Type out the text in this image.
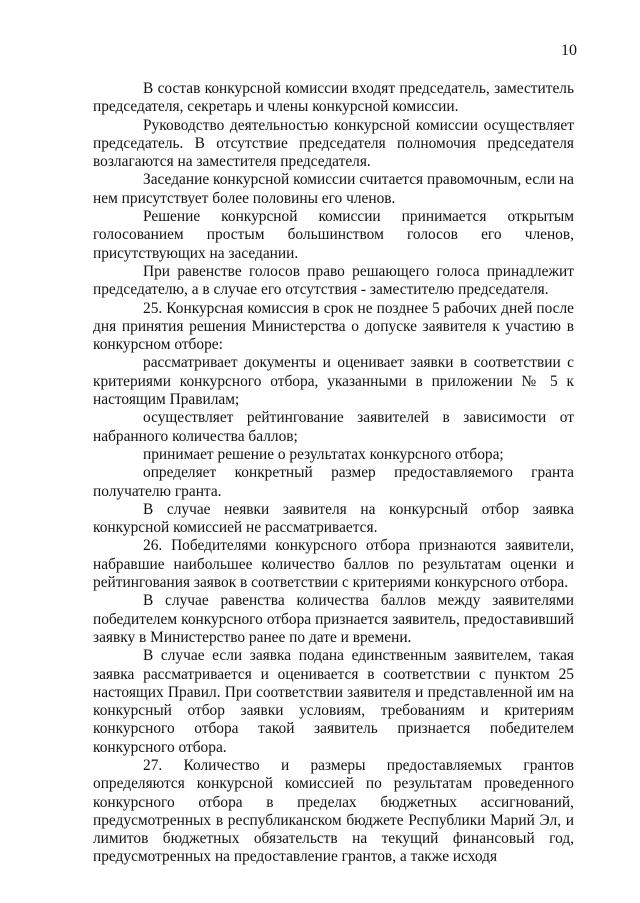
10

В состав конкурсной комиссии входят председатель, заместитель председателя, секретарь и члены конкурсной комиссии.

Руководство деятельностью конкурсной комиссии осуществляет председатель. В отсутствие председателя полномочия председателя возлагаются на заместителя председателя.

Заседание конкурсной комиссии считается правомочным, если на нем присутствует более половины его членов.

Решение конкурсной комиссии принимается открытым голосованием простым большинством голосов его членов, присутствующих на заседании.

При равенстве голосов право решающего голоса принадлежит председателю, а в случае его отсутствия - заместителю председателя.

25. Конкурсная комиссия в срок не позднее 5 рабочих дней после дня принятия решения Министерства о допуске заявителя к участию в конкурсном отборе:

рассматривает документы и оценивает заявки в соответствии с критериями конкурсного отбора, указанными в приложении № 5 к настоящим Правилам;

осуществляет рейтингование заявителей в зависимости от набранного количества баллов;

принимает решение о результатах конкурсного отбора;

определяет конкретный размер предоставляемого гранта получателю гранта.

В случае неявки заявителя на конкурсный отбор заявка конкурсной комиссией не рассматривается.

26. Победителями конкурсного отбора признаются заявители, набравшие наибольшее количество баллов по результатам оценки и рейтингования заявок в соответствии с критериями конкурсного отбора.

В случае равенства количества баллов между заявителями победителем конкурсного отбора признается заявитель, предоставивший заявку в Министерство ранее по дате и времени.

В случае если заявка подана единственным заявителем, такая заявка рассматривается и оценивается в соответствии с пунктом 25 настоящих Правил. При соответствии заявителя и представленной им на конкурсный отбор заявки условиям, требованиям и критериям конкурсного отбора такой заявитель признается победителем конкурсного отбора.

27. Количество и размеры предоставляемых грантов определяются конкурсной комиссией по результатам проведенного конкурсного отбора в пределах бюджетных ассигнований, предусмотренных в республиканском бюджете Республики Марий Эл, и лимитов бюджетных обязательств на текущий финансовый год, предусмотренных на предоставление грантов, а также исходя
